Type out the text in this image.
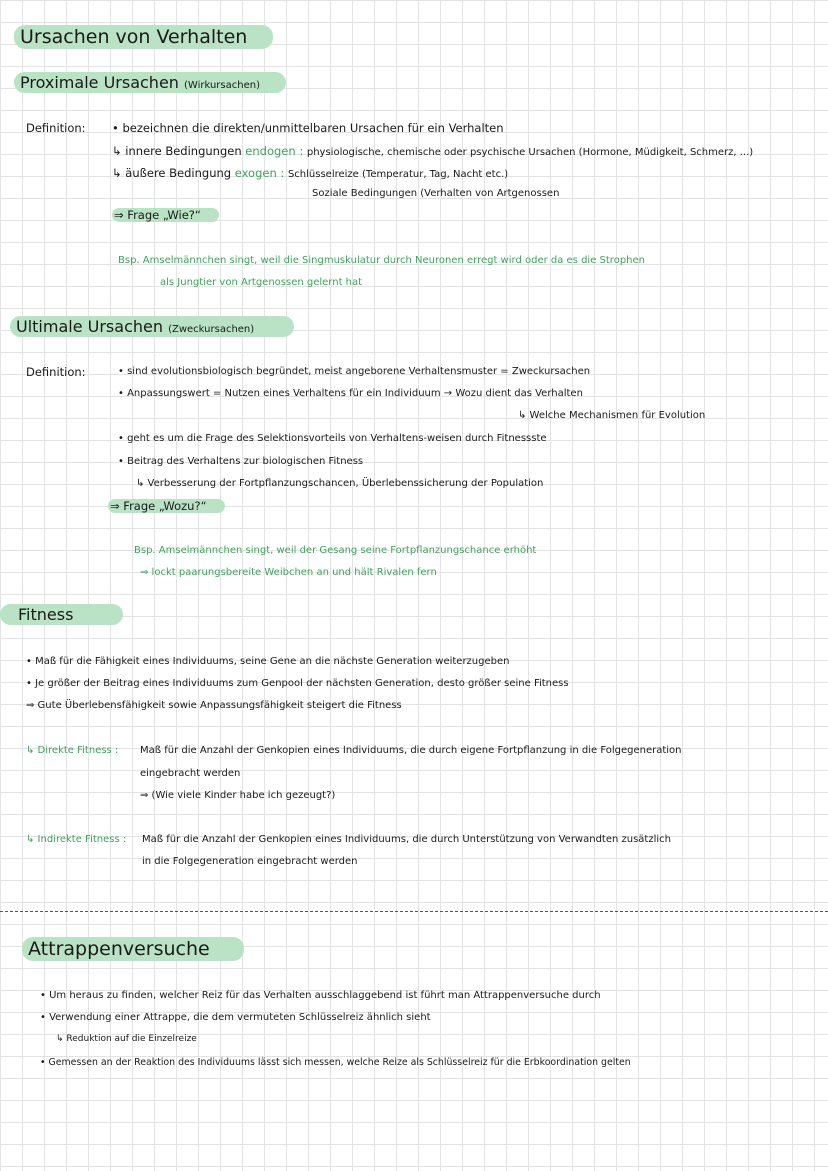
Ursachen von Verhalten
Proximale Ursachen (Wirkursachen)
Definition: • bezeichnen die direkten/unmittelbaren Ursachen für ein Verhalten
↳ innere Bedingungen endogen : physiologische, chemische oder psychische Ursachen (Hormone, Müdigkeit, Schmerz, ...)
↳ äußere Bedingung exogen : Schlüsselreize (Temperatur, Tag, Nacht etc.)
Soziale Bedingungen (Verhalten von Artgenossen
⇒ Frage „Wie?“
Bsp. Amselmännchen singt, weil die Singmuskulatur durch Neuronen erregt wird oder da es die Strophen
als Jungtier von Artgenossen gelernt hat
Ultimale Ursachen (Zweckursachen)
Definition:	• sind evolutionsbiologisch begründet, meist angeborene Verhaltensmuster = Zweckursachen
• Anpassungswert = Nutzen eines Verhaltens für ein Individuum → Wozu dient das Verhalten
↳ Welche Mechanismen für Evolution
• geht es um die Frage des Selektionsvorteils von Verhaltens-weisen durch Fitnessste
• Beitrag des Verhaltens zur biologischen Fitness
↳ Verbesserung der Fortpflanzungschancen, Überlebenssicherung der Population
⇒ Frage „Wozu?“
Bsp. Amselmännchen singt, weil der Gesang seine Fortpflanzungschance erhöht
⇒ lockt paarungsbereite Weibchen an und hält Rivalen fern
Fitness
• Maß für die Fähigkeit eines Individuums, seine Gene an die nächste Generation weiterzugeben
• Je größer der Beitrag eines Individuums zum Genpool der nächsten Generation, desto größer seine Fitness
⇒ Gute Überlebensfähigkeit sowie Anpassungsfähigkeit steigert die Fitness
↳ Direkte Fitness : Maß für die Anzahl der Genkopien eines Individuums, die durch eigene Fortpflanzung in die Folgegeneration
eingebracht werden
⇒ (Wie viele Kinder habe ich gezeugt?)
↳ Indirekte Fitness : Maß für die Anzahl der Genkopien eines Individuums, die durch Unterstützung von Verwandten zusätzlich
in die Folgegeneration eingebracht werden
Attrappenversuche
• Um heraus zu finden, welcher Reiz für das Verhalten ausschlaggebend ist führt man Attrappenversuche durch
• Verwendung einer Attrappe, die dem vermuteten Schlüsselreiz ähnlich sieht
↳ Reduktion auf die Einzelreize
• Gemessen an der Reaktion des Individuums lässt sich messen, welche Reize als Schlüsselreiz für die Erbkoordination gelten
